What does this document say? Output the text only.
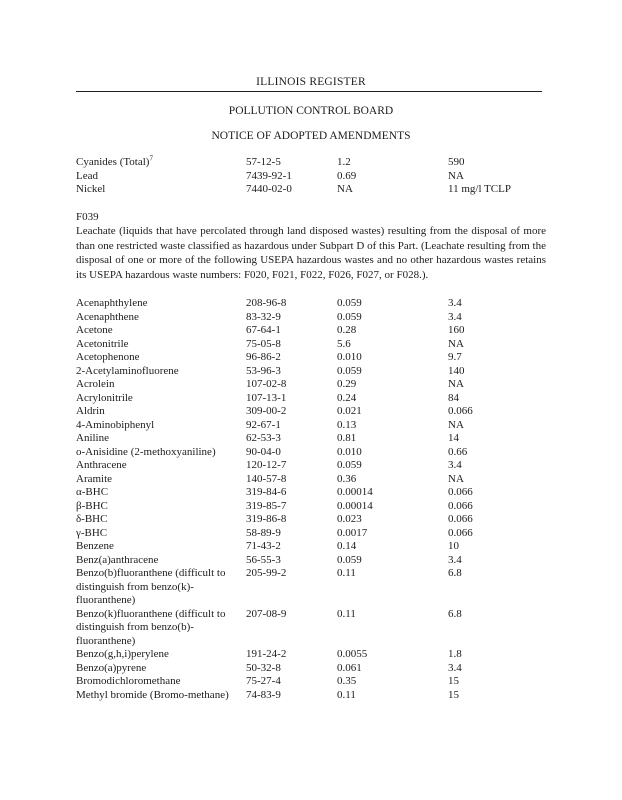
ILLINOIS REGISTER
POLLUTION CONTROL BOARD
NOTICE OF ADOPTED AMENDMENTS
Cyanides (Total)$^7$	57-12-5	1.2	590
Lead	7439-92-1	0.69	NA
Nickel	7440-02-0	NA	11 mg/l TCLP
F039
Leachate (liquids that have percolated through land disposed wastes) resulting from the disposal of more than one restricted waste classified as hazardous under Subpart D of this Part. (Leachate resulting from the disposal of one or more of the following USEPA hazardous wastes and no other hazardous wastes retains its USEPA hazardous waste numbers: F020, F021, F022, F026, F027, or F028.).
Acenaphthylene	208-96-8	0.059	3.4
Acenaphthene	83-32-9	0.059	3.4
Acetone	67-64-1	0.28	160
Acetonitrile	75-05-8	5.6	NA
Acetophenone	96-86-2	0.010	9.7
2-Acetylaminofluorene	53-96-3	0.059	140
Acrolein	107-02-8	0.29	NA
Acrylonitrile	107-13-1	0.24	84
Aldrin	309-00-2	0.021	0.066
4-Aminobiphenyl	92-67-1	0.13	NA
Aniline	62-53-3	0.81	14
o-Anisidine (2-methoxyaniline)	90-04-0	0.010	0.66
Anthracene	120-12-7	0.059	3.4
Aramite	140-57-8	0.36	NA
α-BHC	319-84-6	0.00014	0.066
β-BHC	319-85-7	0.00014	0.066
δ-BHC	319-86-8	0.023	0.066
γ-BHC	58-89-9	0.0017	0.066
Benzene	71-43-2	0.14	10
Benz(a)anthracene	56-55-3	0.059	3.4
Benzo(b)fluoranthene (difficult to distinguish from benzo(k)-fluoranthene)	205-99-2	0.11	6.8
Benzo(k)fluoranthene (difficult to distinguish from benzo(b)-fluoranthene)	207-08-9	0.11	6.8
Benzo(g,h,i)perylene	191-24-2	0.0055	1.8
Benzo(a)pyrene	50-32-8	0.061	3.4
Bromodichloromethane	75-27-4	0.35	15
Methyl bromide (Bromo-methane)	74-83-9	0.11	15
